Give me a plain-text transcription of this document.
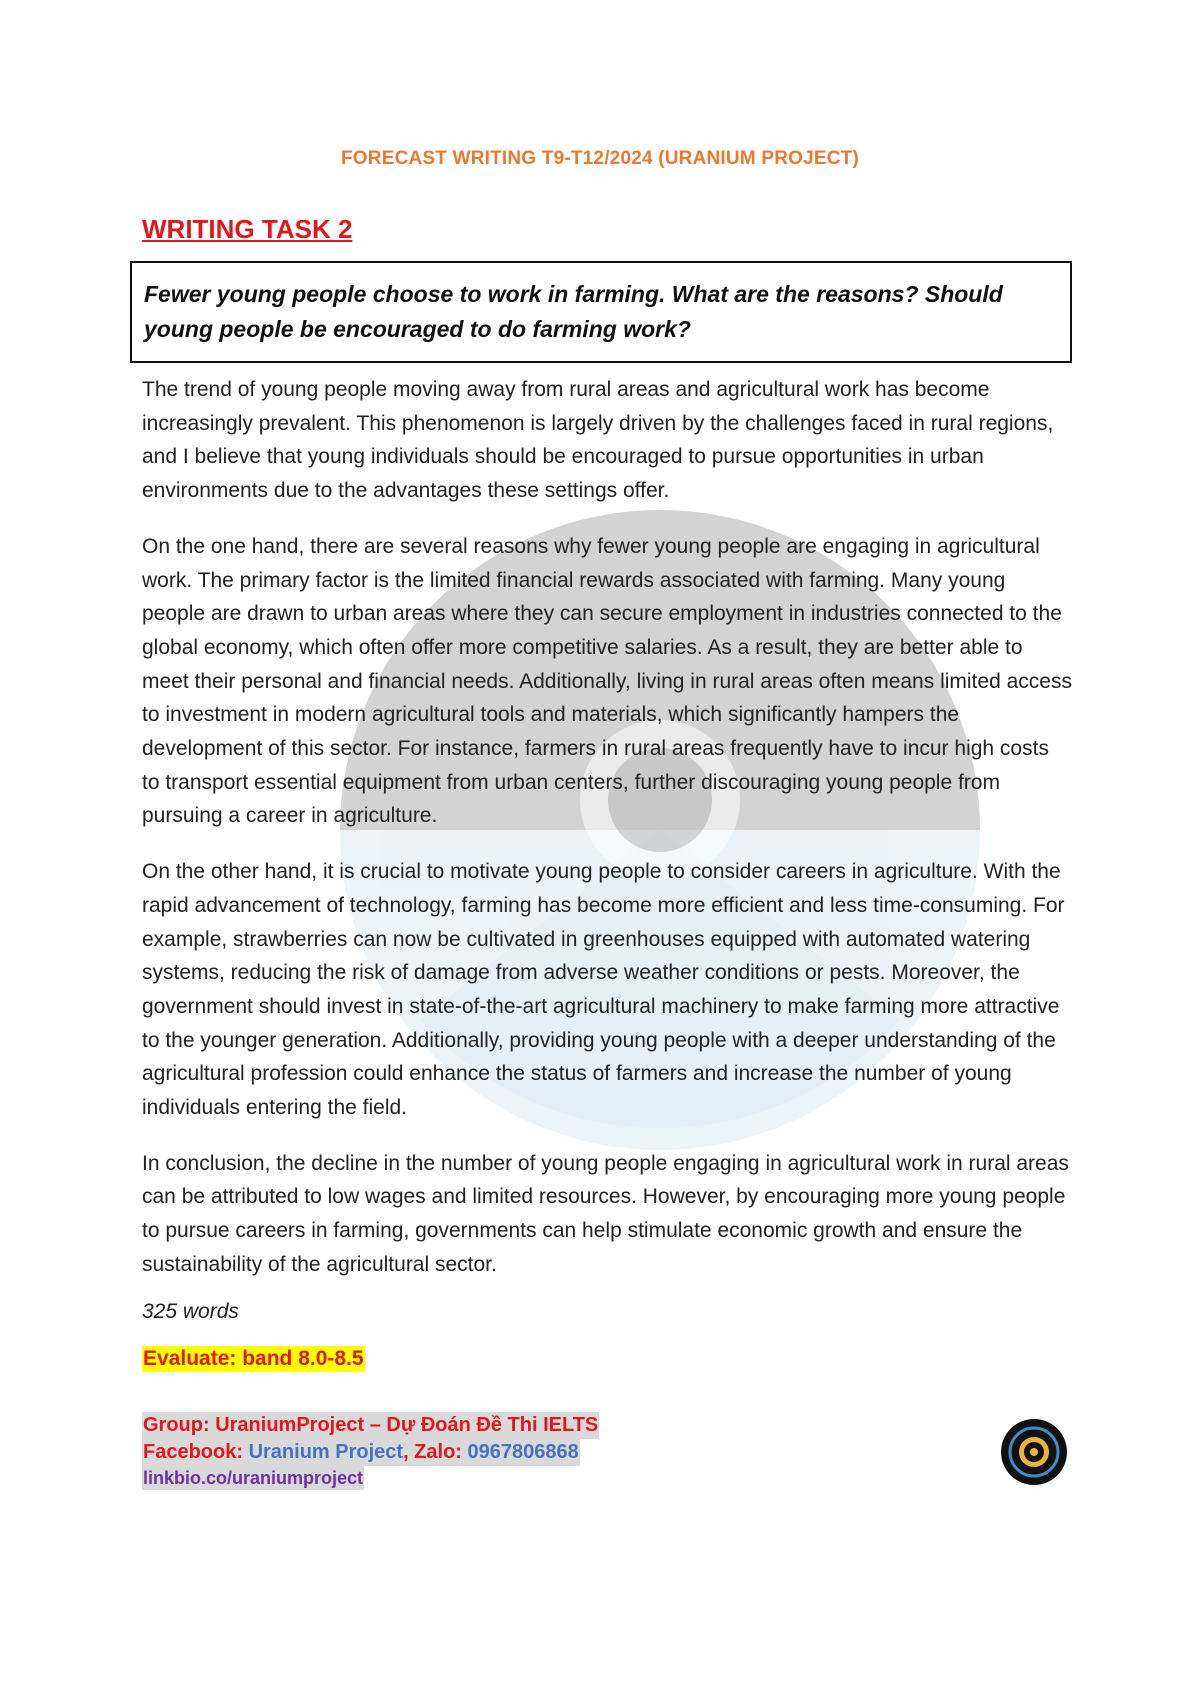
FORECAST WRITING T9-T12/2024 (URANIUM PROJECT)
WRITING TASK 2
Fewer young people choose to work in farming. What are the reasons? Should young people be encouraged to do farming work?

The trend of young people moving away from rural areas and agricultural work has become increasingly prevalent. This phenomenon is largely driven by the challenges faced in rural regions, and I believe that young individuals should be encouraged to pursue opportunities in urban environments due to the advantages these settings offer.

On the one hand, there are several reasons why fewer young people are engaging in agricultural work. The primary factor is the limited financial rewards associated with farming. Many young people are drawn to urban areas where they can secure employment in industries connected to the global economy, which often offer more competitive salaries. As a result, they are better able to meet their personal and financial needs. Additionally, living in rural areas often means limited access to investment in modern agricultural tools and materials, which significantly hampers the development of this sector. For instance, farmers in rural areas frequently have to incur high costs to transport essential equipment from urban centers, further discouraging young people from pursuing a career in agriculture.

On the other hand, it is crucial to motivate young people to consider careers in agriculture. With the rapid advancement of technology, farming has become more efficient and less time-consuming. For example, strawberries can now be cultivated in greenhouses equipped with automated watering systems, reducing the risk of damage from adverse weather conditions or pests. Moreover, the government should invest in state-of-the-art agricultural machinery to make farming more attractive to the younger generation. Additionally, providing young people with a deeper understanding of the agricultural profession could enhance the status of farmers and increase the number of young individuals entering the field.

In conclusion, the decline in the number of young people engaging in agricultural work in rural areas can be attributed to low wages and limited resources. However, by encouraging more young people to pursue careers in farming, governments can help stimulate economic growth and ensure the sustainability of the agricultural sector.

325 words
Evaluate: band 8.0-8.5
Group: UraniumProject – Dự Đoán Đề Thi IELTS
Facebook: Uranium Project, Zalo: 0967806868
linkbio.co/uraniumproject
